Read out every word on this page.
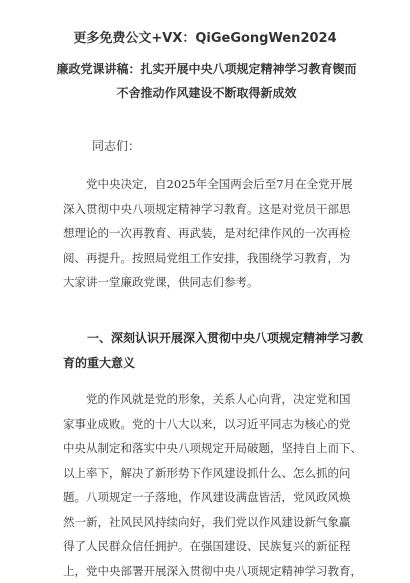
更多免费公文+VX：QiGeGongWen2024
廉政党课讲稿：扎实开展中央八项规定精神学习教育锲而
不舍推动作风建设不断取得新成效
同志们：
　　党中央决定，自2025年全国两会后至7月在全党开展
深入贯彻中央八项规定精神学习教育。这是对党员干部思
想理论的一次再教育、再武装，是对纪律作风的一次再检
阅、再提升。按照局党组工作安排，我围绕学习教育，为
大家讲一堂廉政党课，供同志们参考。
　　一、深刻认识开展深入贯彻中央八项规定精神学习教
育的重大意义
　　党的作风就是党的形象，关系人心向背，决定党和国
家事业成败。党的十八大以来，以习近平同志为核心的党
中央从制定和落实中央八项规定开局破题，坚持自上而下、
以上率下，解决了新形势下作风建设抓什么、怎么抓的问
题。八项规定一子落地，作风建设满盘皆活，党风政风焕
然一新，社风民风持续向好，我们党以作风建设新气象赢
得了人民群众信任拥护。在强国建设、民族复兴的新征程
上，党中央部署开展深入贯彻中央八项规定精神学习教育，
